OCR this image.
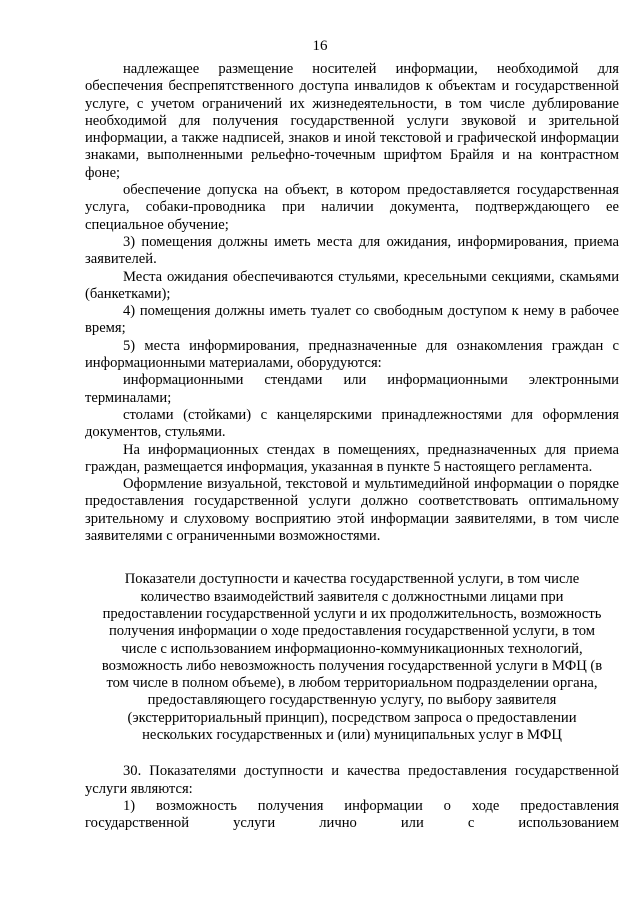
16

надлежащее размещение носителей информации, необходимой для обеспечения беспрепятственного доступа инвалидов к объектам и государственной услуге, с учетом ограничений их жизнедеятельности, в том числе дублирование необходимой для получения государственной услуги звуковой и зрительной информации, а также надписей, знаков и иной текстовой и графической информации знаками, выполненными рельефно-точечным шрифтом Брайля и на контрастном фоне;

обеспечение допуска на объект, в котором предоставляется государственная услуга, собаки-проводника при наличии документа, подтверждающего ее специальное обучение;

3) помещения должны иметь места для ожидания, информирования, приема заявителей.

Места ожидания обеспечиваются стульями, кресельными секциями, скамьями (банкетками);

4) помещения должны иметь туалет со свободным доступом к нему в рабочее время;

5) места информирования, предназначенные для ознакомления граждан с информационными материалами, оборудуются:

информационными стендами или информационными электронными терминалами;

столами (стойками) с канцелярскими принадлежностями для оформления документов, стульями.

На информационных стендах в помещениях, предназначенных для приема граждан, размещается информация, указанная в пункте 5 настоящего регламента.

Оформление визуальной, текстовой и мультимедийной информации о порядке предоставления государственной услуги должно соответствовать оптимальному зрительному и слуховому восприятию этой информации заявителями, в том числе заявителями с ограниченными возможностями.

Показатели доступности и качества государственной услуги, в том числе количество взаимодействий заявителя с должностными лицами при предоставлении государственной услуги и их продолжительность, возможность получения информации о ходе предоставления государственной услуги, в том числе с использованием информационно-коммуникационных технологий, возможность либо невозможность получения государственной услуги в МФЦ (в том числе в полном объеме), в любом территориальном подразделении органа, предоставляющего государственную услугу, по выбору заявителя (экстерриториальный принцип), посредством запроса о предоставлении нескольких государственных и (или) муниципальных услуг в МФЦ

30. Показателями доступности и качества предоставления государственной услуги являются:

1) возможность получения информации о ходе предоставления государственной услуги лично или с использованием
